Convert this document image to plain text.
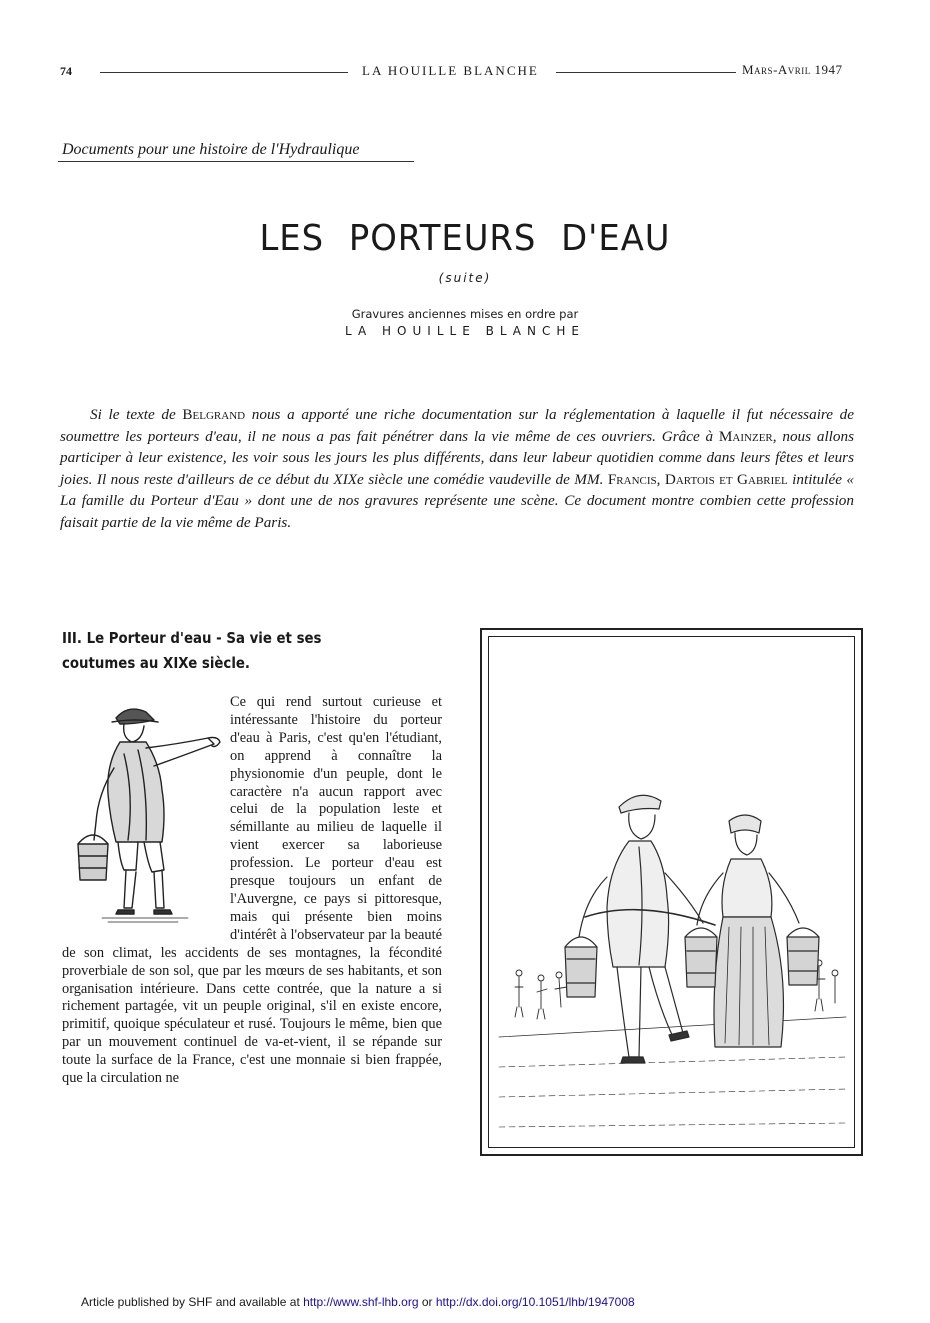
74	LA HOUILLE BLANCHE	Mars-Avril 1947
Documents pour une histoire de l'Hydraulique
LES PORTEURS D'EAU
(suite)
Gravures anciennes mises en ordre par
LA HOUILLE BLANCHE

Si le texte de Belgrand nous a apporté une riche documentation sur la réglementation à laquelle il fut nécessaire de soumettre les porteurs d'eau, il ne nous a pas fait pénétrer dans la vie même de ces ouvriers. Grâce à Mainzer, nous allons participer à leur existence, les voir sous les jours les plus différents, dans leur labeur quotidien comme dans leurs fêtes et leurs joies. Il nous reste d'ailleurs de ce début du XIXe siècle une comédie vaudeville de MM. Francis, Dartois et Gabriel intitulée « La famille du Porteur d'Eau » dont une de nos gravures représente une scène. Ce document montre combien cette profession faisait partie de la vie même de Paris.

III. Le Porteur d'eau - Sa vie et ses coutumes au XIXe siècle.

Ce qui rend surtout curieuse et intéressante l'histoire du porteur d'eau à Paris, c'est qu'en l'étudiant, on apprend à connaître la physionomie d'un peuple, dont le caractère n'a aucun rapport avec celui de la population leste et sémillante au milieu de laquelle il vient exercer sa laborieuse profession. Le porteur d'eau est presque toujours un enfant de l'Auvergne, ce pays si pittoresque, mais qui présente bien moins d'intérêt à l'observateur par la beauté de son climat, les accidents de ses montagnes, la fécondité proverbiale de son sol, que par les mœurs de ses habitants, et son organisation intérieure. Dans cette contrée, que la nature a si richement partagée, vit un peuple original, s'il en existe encore, primitif, quoique spéculateur et rusé. Toujours le même, bien que par un mouvement continuel de va-et-vient, il se répande sur toute la surface de la France, c'est une monnaie si bien frappée, que la circulation ne

Article published by SHF and available at http://www.shf-lhb.org or http://dx.doi.org/10.1051/lhb/1947008
